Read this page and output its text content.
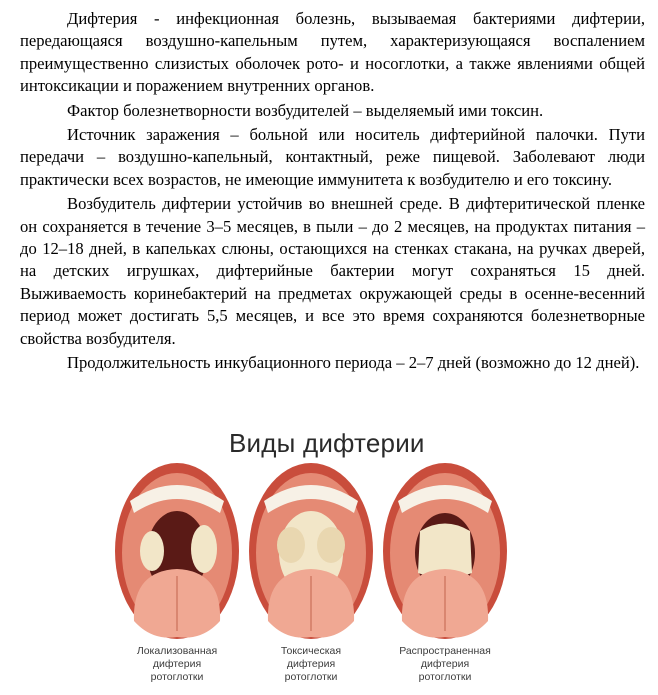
Дифтерия - инфекционная болезнь, вызываемая бактериями дифтерии, передающаяся воздушно-капельным путем, характеризующаяся воспалением преимущественно слизистых оболочек рото- и носоглотки, а также явлениями общей интоксикации и поражением внутренних органов.

Фактор болезнетворности возбудителей – выделяемый ими токсин.

Источник заражения – больной или носитель дифтерийной палочки. Пути передачи – воздушно-капельный, контактный, реже пищевой. Заболевают люди практически всех возрастов, не имеющие иммунитета к возбудителю и его токсину.

Возбудитель дифтерии устойчив во внешней среде. В дифтеритической пленке он сохраняется в течение 3–5 месяцев, в пыли – до 2 месяцев, на продуктах питания – до 12–18 дней, в капельках слюны, остающихся на стенках стакана, на ручках дверей, на детских игрушках, дифтерийные бактерии могут сохраняться 15 дней. Выживаемость коринебактерий на предметах окружающей среды в осенне-весенний период может достигать 5,5 месяцев, и все это время сохраняются болезнетворные свойства возбудителя.

Продолжительность инкубационного периода – 2–7 дней (возможно до 12 дней).

Виды дифтерии
Локализованная
дифтерия
ротоглотки
Токсическая
дифтерия
ротоглотки
Распространенная
дифтерия
ротоглотки
